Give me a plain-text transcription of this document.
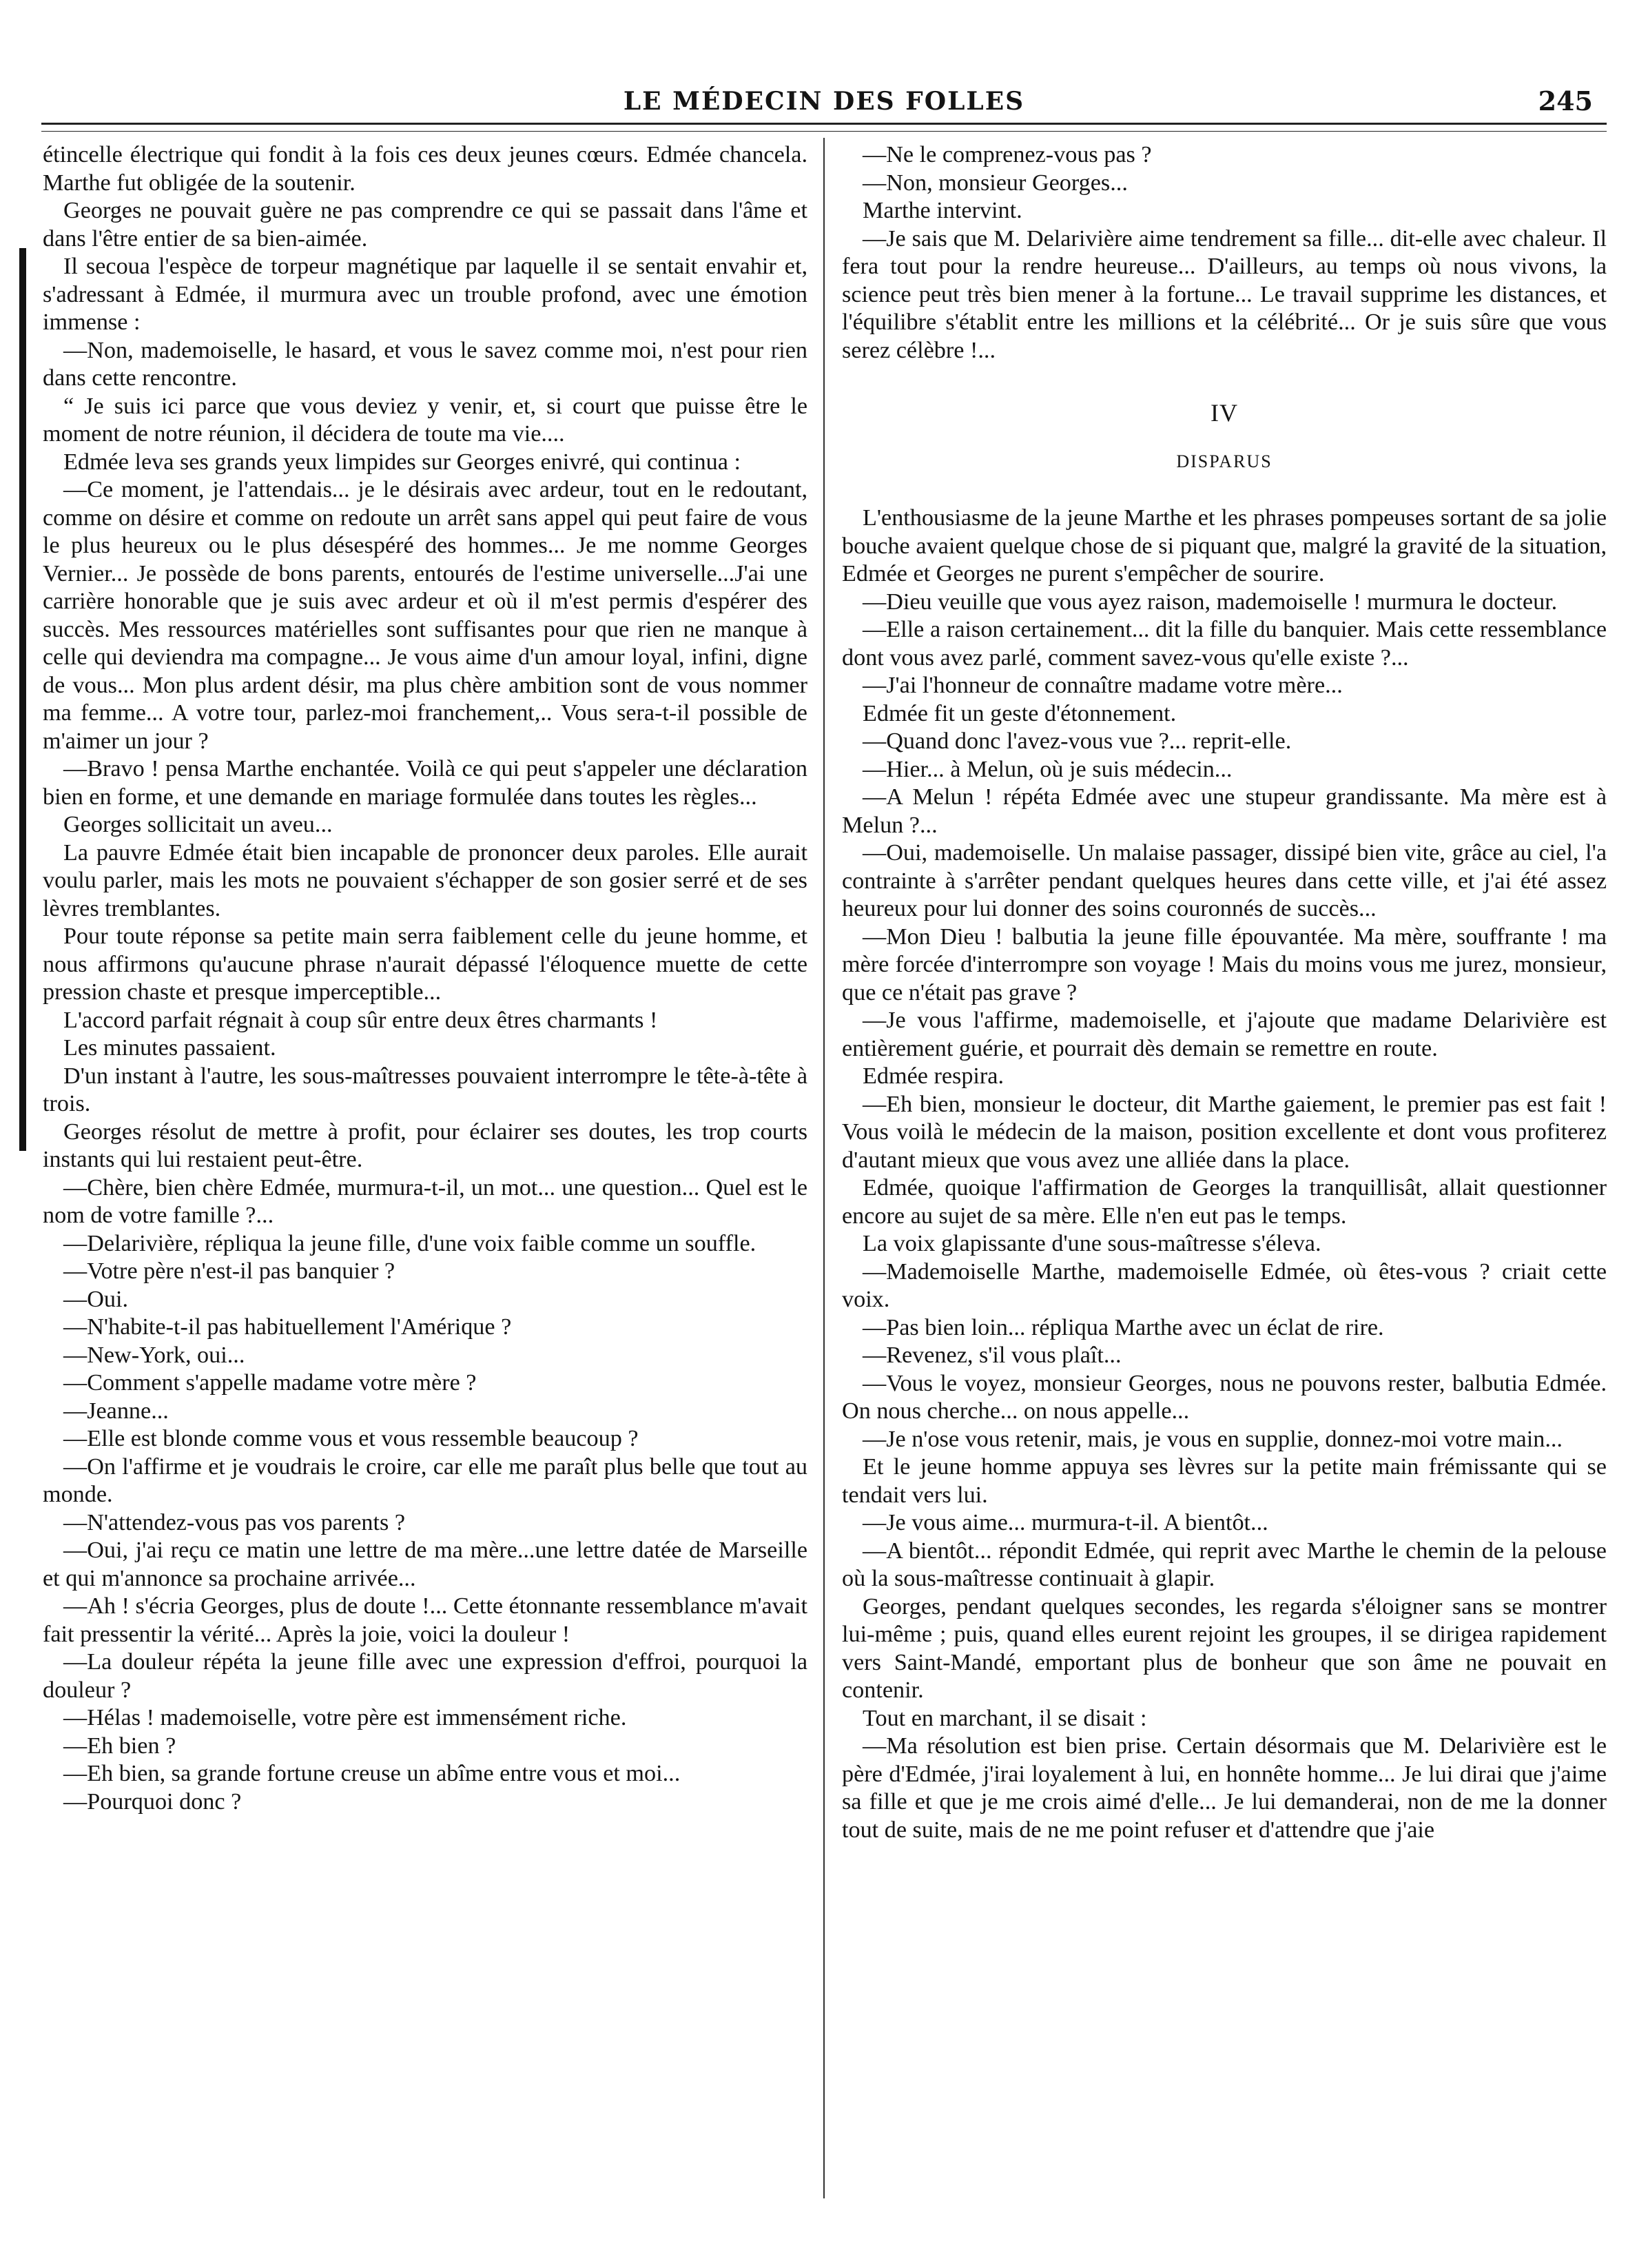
LE MÉDECIN DES FOLLES	245

étincelle électrique qui fondit à la fois ces deux jeunes cœurs. Edmée chancela. Marthe fut obligée de la soutenir.

Georges ne pouvait guère ne pas comprendre ce qui se passait dans l'âme et dans l'être entier de sa bien-aimée.

Il secoua l'espèce de torpeur magnétique par laquelle il se sentait envahir et, s'adressant à Edmée, il murmura avec un trouble profond, avec une émotion immense :

—Non, mademoiselle, le hasard, et vous le savez comme moi, n'est pour rien dans cette rencontre.

“ Je suis ici parce que vous deviez y venir, et, si court que puisse être le moment de notre réunion, il décidera de toute ma vie....

Edmée leva ses grands yeux limpides sur Georges enivré, qui continua :

—Ce moment, je l'attendais... je le désirais avec ardeur, tout en le redoutant, comme on désire et comme on redoute un arrêt sans appel qui peut faire de vous le plus heureux ou le plus désespéré des hommes... Je me nomme Georges Vernier... Je possède de bons parents, entourés de l'estime universelle...J'ai une carrière honorable que je suis avec ardeur et où il m'est permis d'espérer des succès. Mes ressources matérielles sont suffisantes pour que rien ne manque à celle qui deviendra ma compagne... Je vous aime d'un amour loyal, infini, digne de vous... Mon plus ardent désir, ma plus chère ambition sont de vous nommer ma femme... A votre tour, parlez-moi franchement,.. Vous sera-t-il possible de m'aimer un jour ?

—Bravo ! pensa Marthe enchantée. Voilà ce qui peut s'appeler une déclaration bien en forme, et une demande en mariage formulée dans toutes les règles...

Georges sollicitait un aveu...

La pauvre Edmée était bien incapable de prononcer deux paroles. Elle aurait voulu parler, mais les mots ne pouvaient s'échapper de son gosier serré et de ses lèvres tremblantes.

Pour toute réponse sa petite main serra faiblement celle du jeune homme, et nous affirmons qu'aucune phrase n'aurait dépassé l'éloquence muette de cette pression chaste et presque imperceptible...

L'accord parfait régnait à coup sûr entre deux êtres charmants !

Les minutes passaient.

D'un instant à l'autre, les sous-maîtresses pouvaient interrompre le tête-à-tête à trois.

Georges résolut de mettre à profit, pour éclairer ses doutes, les trop courts instants qui lui restaient peut-être.

—Chère, bien chère Edmée, murmura-t-il, un mot... une question... Quel est le nom de votre famille ?...

—Delarivière, répliqua la jeune fille, d'une voix faible comme un souffle.

—Votre père n'est-il pas banquier ?

—Oui.

—N'habite-t-il pas habituellement l'Amérique ?

—New-York, oui...

—Comment s'appelle madame votre mère ?

—Jeanne...

—Elle est blonde comme vous et vous ressemble beaucoup ?

—On l'affirme et je voudrais le croire, car elle me paraît plus belle que tout au monde.

—N'attendez-vous pas vos parents ?

—Oui, j'ai reçu ce matin une lettre de ma mère...une lettre datée de Marseille et qui m'annonce sa prochaine arrivée...

—Ah ! s'écria Georges, plus de doute !... Cette étonnante ressemblance m'avait fait pressentir la vérité... Après la joie, voici la douleur !

—La douleur répéta la jeune fille avec une expression d'effroi, pourquoi la douleur ?

—Hélas ! mademoiselle, votre père est immensément riche.

—Eh bien ?

—Eh bien, sa grande fortune creuse un abîme entre vous et moi...

—Pourquoi donc ?

—Ne le comprenez-vous pas ?

—Non, monsieur Georges...

Marthe intervint.

—Je sais que M. Delarivière aime tendrement sa fille... dit-elle avec chaleur. Il fera tout pour la rendre heureuse... D'ailleurs, au temps où nous vivons, la science peut très bien mener à la fortune... Le travail supprime les distances, et l'équilibre s'établit entre les millions et la célébrité... Or je suis sûre que vous serez célèbre !...

IV
DISPARUS

L'enthousiasme de la jeune Marthe et les phrases pompeuses sortant de sa jolie bouche avaient quelque chose de si piquant que, malgré la gravité de la situation, Edmée et Georges ne purent s'empêcher de sourire.

—Dieu veuille que vous ayez raison, mademoiselle ! murmura le docteur.

—Elle a raison certainement... dit la fille du banquier. Mais cette ressemblance dont vous avez parlé, comment savez-vous qu'elle existe ?...

—J'ai l'honneur de connaître madame votre mère...

Edmée fit un geste d'étonnement.

—Quand donc l'avez-vous vue ?... reprit-elle.

—Hier... à Melun, où je suis médecin...

—A Melun ! répéta Edmée avec une stupeur grandissante. Ma mère est à Melun ?...

—Oui, mademoiselle. Un malaise passager, dissipé bien vite, grâce au ciel, l'a contrainte à s'arrêter pendant quelques heures dans cette ville, et j'ai été assez heureux pour lui donner des soins couronnés de succès...

—Mon Dieu ! balbutia la jeune fille épouvantée. Ma mère, souffrante ! ma mère forcée d'interrompre son voyage ! Mais du moins vous me jurez, monsieur, que ce n'était pas grave ?

—Je vous l'affirme, mademoiselle, et j'ajoute que madame Delarivière est entièrement guérie, et pourrait dès demain se remettre en route.

Edmée respira.

—Eh bien, monsieur le docteur, dit Marthe gaiement, le premier pas est fait ! Vous voilà le médecin de la maison, position excellente et dont vous profiterez d'autant mieux que vous avez une alliée dans la place.

Edmée, quoique l'affirmation de Georges la tranquillisât, allait questionner encore au sujet de sa mère. Elle n'en eut pas le temps.

La voix glapissante d'une sous-maîtresse s'éleva.

—Mademoiselle Marthe, mademoiselle Edmée, où êtes-vous ? criait cette voix.

—Pas bien loin... répliqua Marthe avec un éclat de rire.

—Revenez, s'il vous plaît...

—Vous le voyez, monsieur Georges, nous ne pouvons rester, balbutia Edmée. On nous cherche... on nous appelle...

—Je n'ose vous retenir, mais, je vous en supplie, donnez-moi votre main...

Et le jeune homme appuya ses lèvres sur la petite main frémissante qui se tendait vers lui.

—Je vous aime... murmura-t-il. A bientôt...

—A bientôt... répondit Edmée, qui reprit avec Marthe le chemin de la pelouse où la sous-maîtresse continuait à glapir.

Georges, pendant quelques secondes, les regarda s'éloigner sans se montrer lui-même ; puis, quand elles eurent rejoint les groupes, il se dirigea rapidement vers Saint-Mandé, emportant plus de bonheur que son âme ne pouvait en contenir.

Tout en marchant, il se disait :

—Ma résolution est bien prise. Certain désormais que M. Delarivière est le père d'Edmée, j'irai loyalement à lui, en honnête homme... Je lui dirai que j'aime sa fille et que je me crois aimé d'elle... Je lui demanderai, non de me la donner tout de suite, mais de ne me point refuser et d'attendre que j'aie
